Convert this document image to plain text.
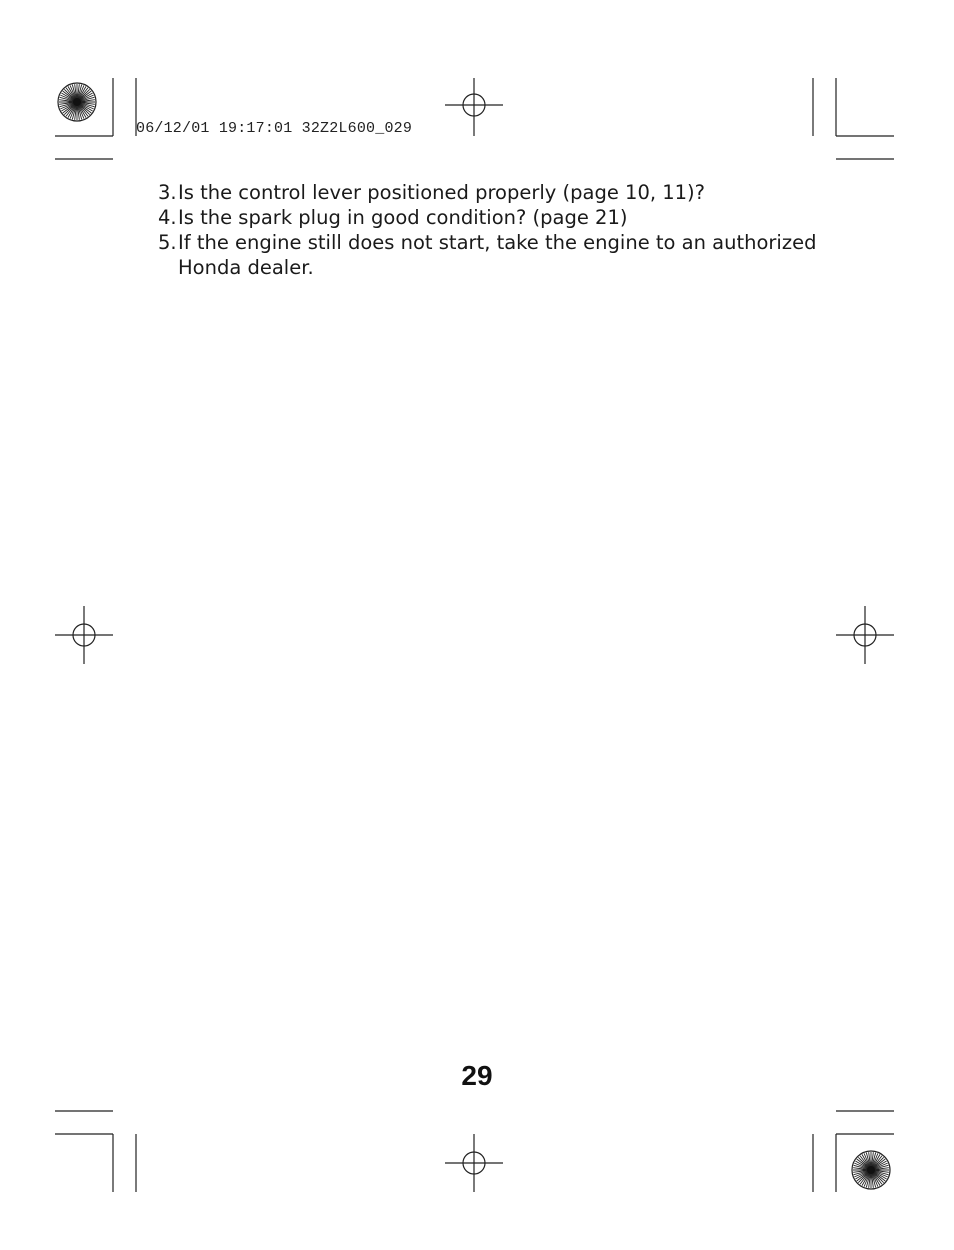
06/12/01 19:17:01 32Z2L600_029
3. Is the control lever positioned properly (page 10, 11)?
4. Is the spark plug in good condition? (page 21)
5. If the engine still does not start, take the engine to an authorized Honda dealer.
29
